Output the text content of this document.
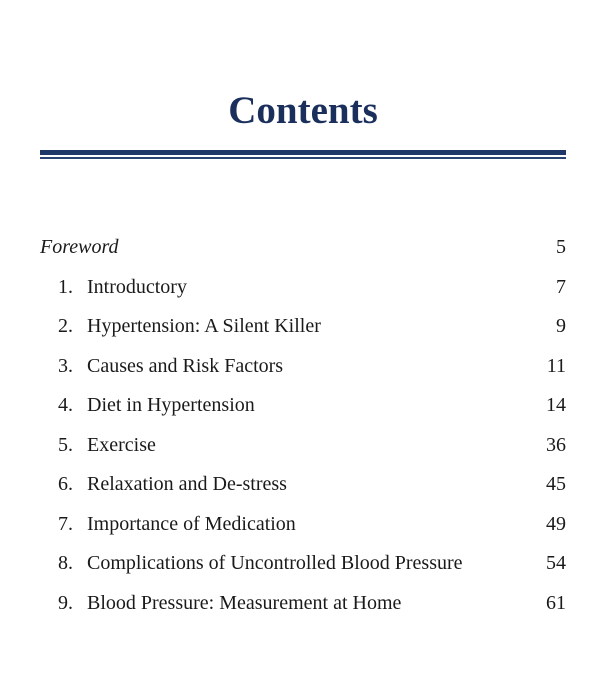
Contents
Foreword	5
1. Introductory	7
2. Hypertension: A Silent Killer	9
3. Causes and Risk Factors	11
4. Diet in Hypertension	14
5. Exercise	36
6. Relaxation and De-stress	45
7. Importance of Medication	49
8. Complications of Uncontrolled Blood Pressure	54
9. Blood Pressure: Measurement at Home	61
